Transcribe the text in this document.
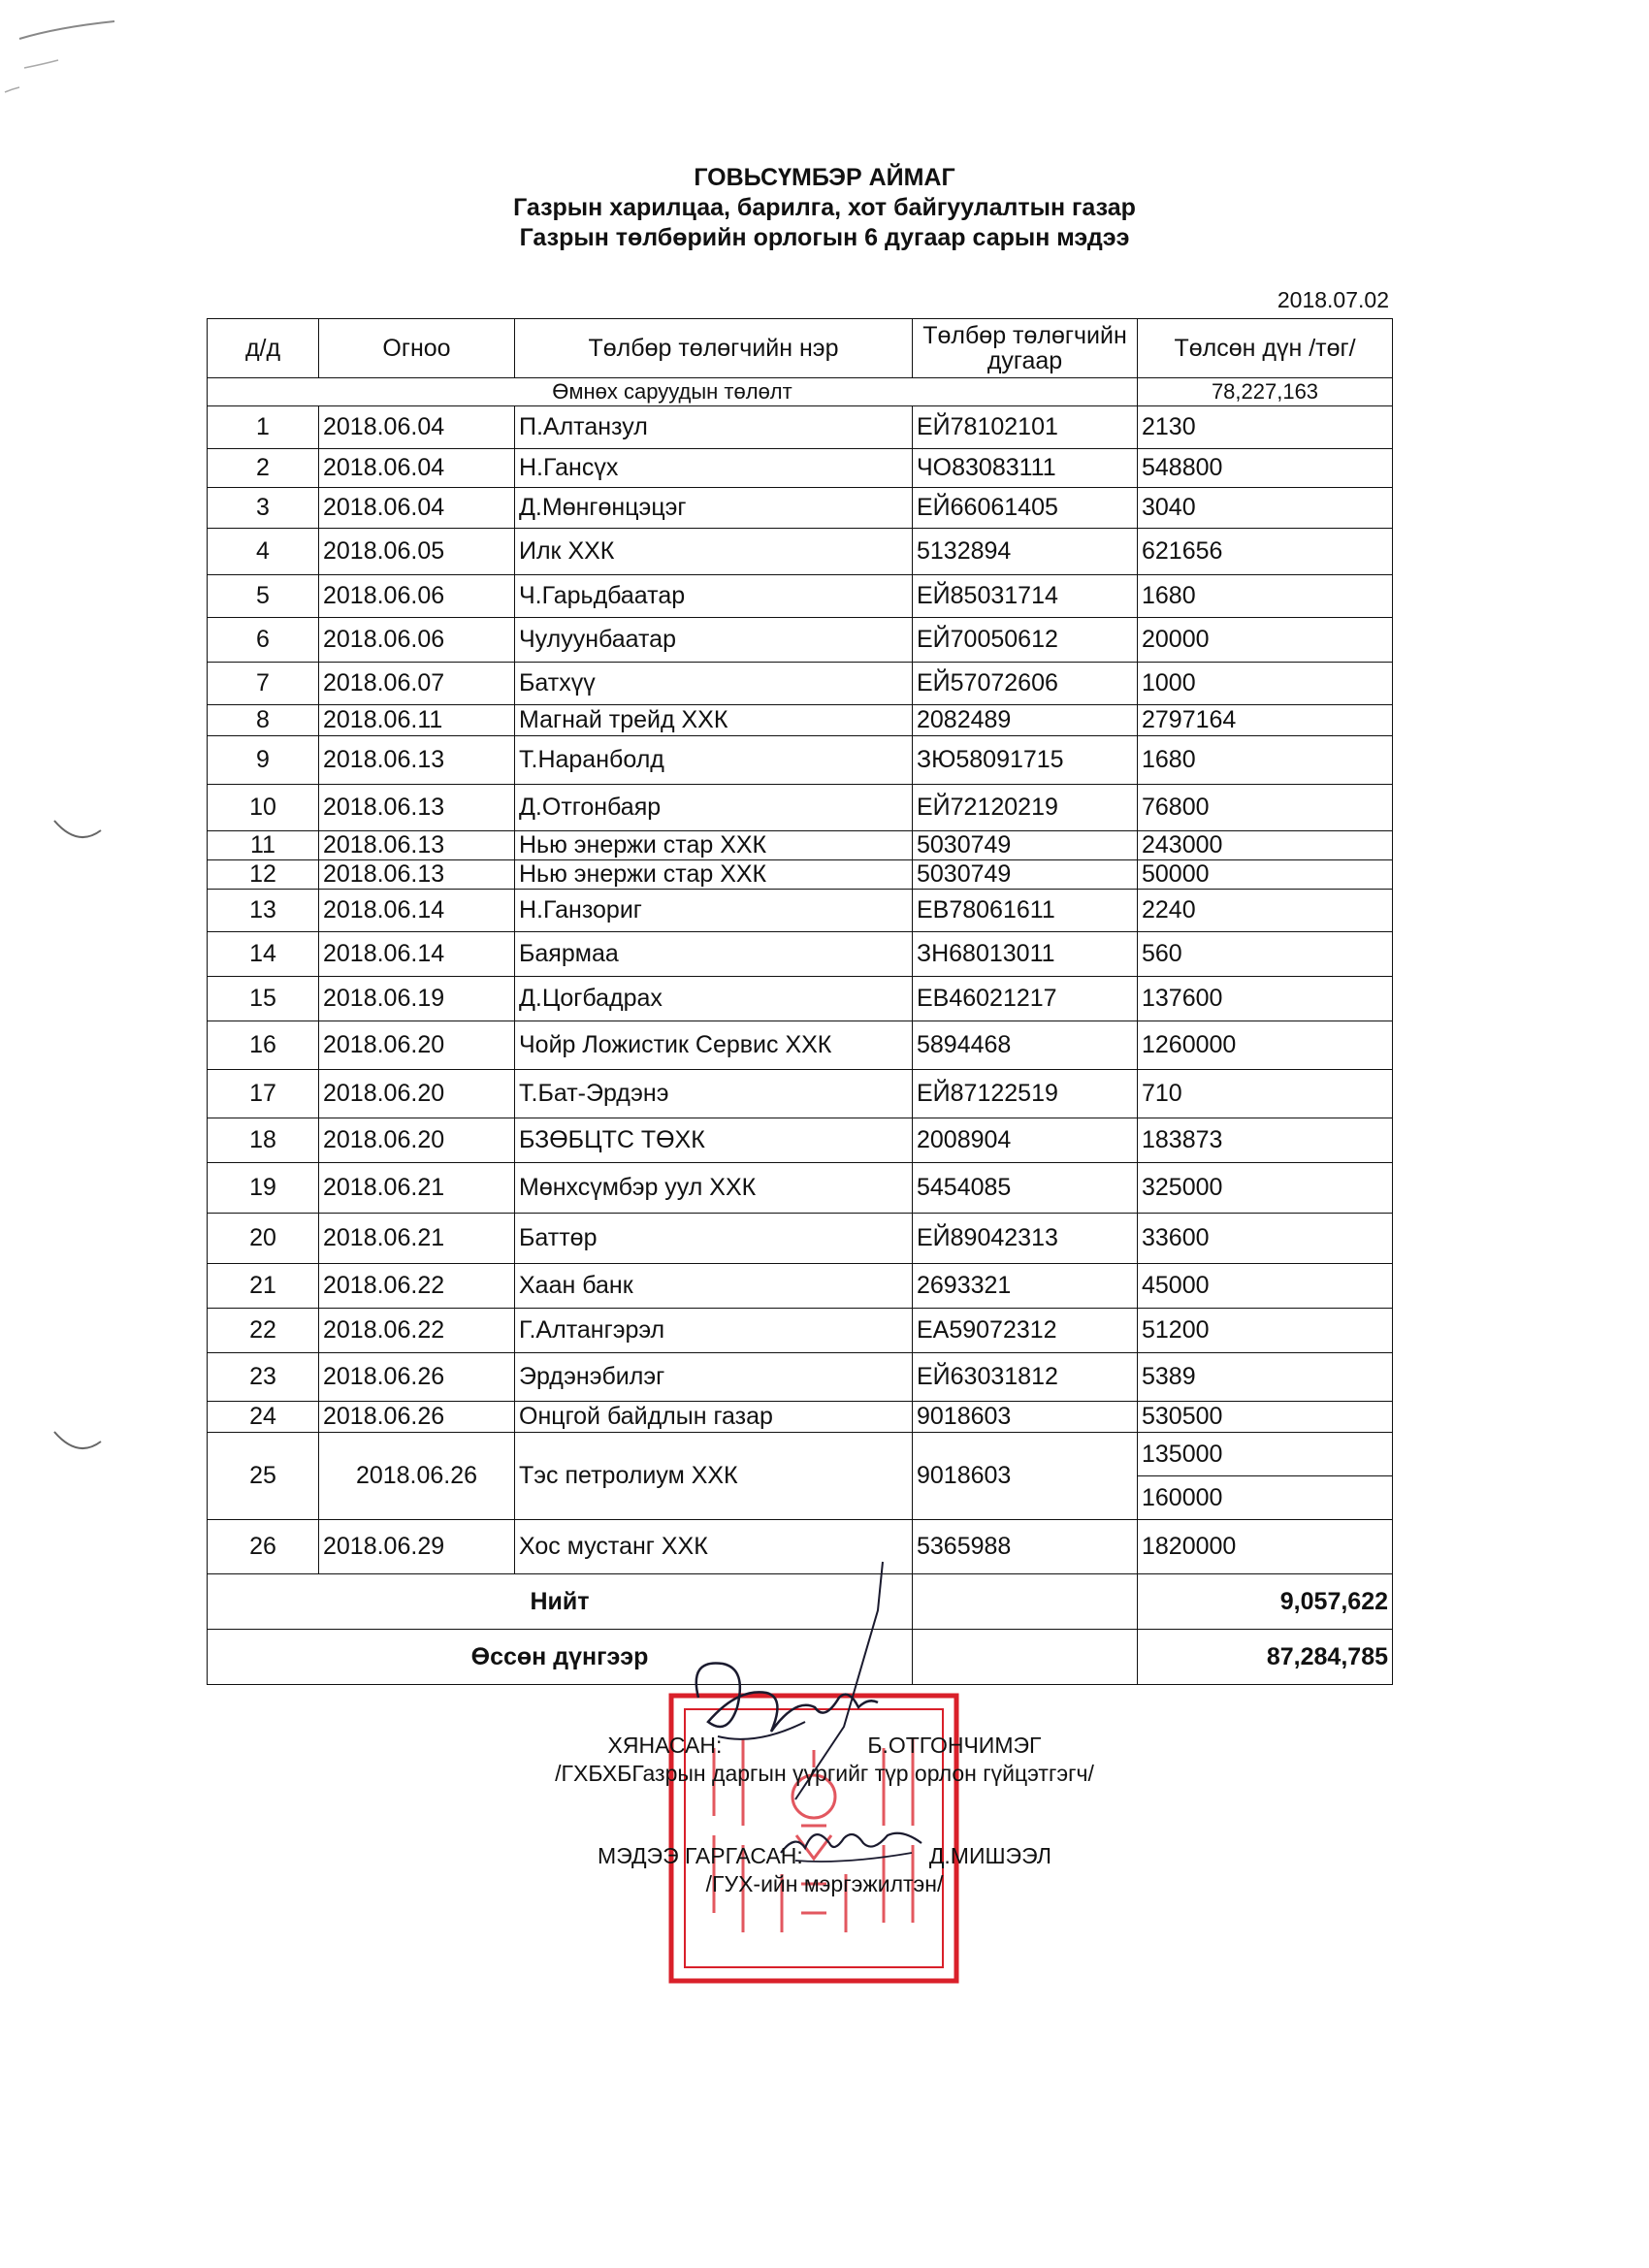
ГОВЬСҮМБЭР АЙМАГ
Газрын харилцаа, барилга, хот байгуулалтын газар
Газрын төлбөрийн орлогын 6 дугаар сарын мэдээ
2018.07.02
д/д	Огноо	Төлбөр төлөгчийн нэр	Төлбөр төлөгчийн дугаар	Төлсөн дүн /төг/
Өмнөх саруудын төлөлт				78,227,163
1	2018.06.04	П.Алтанзул	ЕЙ78102101	2130
2	2018.06.04	Н.Гансүх	ЧО83083111	548800
3	2018.06.04	Д.Мөнгөнцэцэг	ЕЙ66061405	3040
4	2018.06.05	Илк ХХК	5132894	621656
5	2018.06.06	Ч.Гарьдбаатар	ЕЙ85031714	1680
6	2018.06.06	Чулуунбаатар	ЕЙ70050612	20000
7	2018.06.07	Батхүү	ЕЙ57072606	1000
8	2018.06.11	Магнай трейд ХХК	2082489	2797164
9	2018.06.13	Т.Наранболд	ЗЮ58091715	1680
10	2018.06.13	Д.Отгонбаяр	ЕЙ72120219	76800
11	2018.06.13	Нью энержи стар ХХК	5030749	243000
12	2018.06.13	Нью энержи стар ХХК	5030749	50000
13	2018.06.14	Н.Ганзориг	ЕВ78061611	2240
14	2018.06.14	Баярмаа	ЗН68013011	560
15	2018.06.19	Д.Цогбадрах	ЕВ46021217	137600
16	2018.06.20	Чойр Ложистик Сервис ХХК	5894468	1260000
17	2018.06.20	Т.Бат-Эрдэнэ	ЕЙ87122519	710
18	2018.06.20	БЗӨБЦТС ТӨХК	2008904	183873
19	2018.06.21	Мөнхсүмбэр уул ХХК	5454085	325000
20	2018.06.21	Баттөр	ЕЙ89042313	33600
21	2018.06.22	Хаан банк	2693321	45000
22	2018.06.22	Г.Алтангэрэл	ЕА59072312	51200
23	2018.06.26	Эрдэнэбилэг	ЕЙ63031812	5389
24	2018.06.26	Онцгой байдлын газар	9018603	530500
25	2018.06.26	Тэс петролиум ХХК	9018603	135000
				160000
26	2018.06.29	Хос мустанг ХХК	5365988	1820000
Нийт				9,057,622
Өссөн дүнгээр				87,284,785
ХЯНАСАН:	Б.ОТГОНЧИМЭГ
/ГХБХБГазрын даргын үүргийг түр орлон гүйцэтгэгч/
МЭДЭЭ ГАРГАСАН:	Д.МИШЭЭЛ
/ГУХ-ийн мэргэжилтэн/
